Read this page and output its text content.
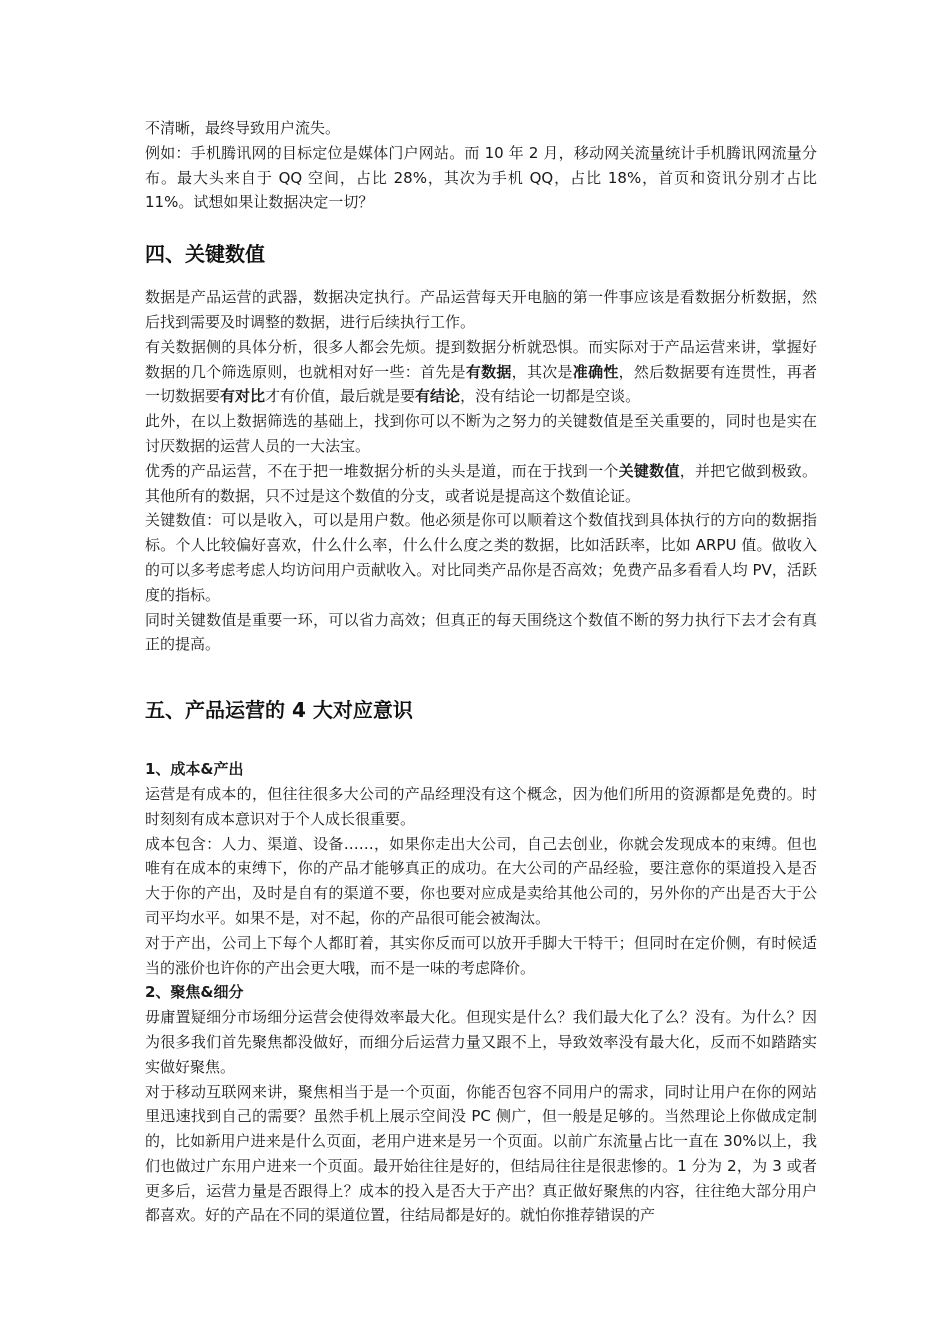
不清晰，最终导致用户流失。

例如：手机腾讯网的目标定位是媒体门户网站。而 10 年 2 月，移动网关流量统计手机腾讯网流量分布。最大头来自于 QQ 空间，占比 28%，其次为手机 QQ，占比 18%，首页和资讯分别才占比 11%。试想如果让数据决定一切？

四、关键数值

数据是产品运营的武器，数据决定执行。产品运营每天开电脑的第一件事应该是看数据分析数据，然后找到需要及时调整的数据，进行后续执行工作。

有关数据侧的具体分析，很多人都会先烦。提到数据分析就恐惧。而实际对于产品运营来讲，掌握好数据的几个筛选原则，也就相对好一些：首先是有数据，其次是准确性，然后数据要有连贯性，再者一切数据要有对比才有价值，最后就是要有结论，没有结论一切都是空谈。

此外，在以上数据筛选的基础上，找到你可以不断为之努力的关键数值是至关重要的，同时也是实在讨厌数据的运营人员的一大法宝。

优秀的产品运营，不在于把一堆数据分析的头头是道，而在于找到一个关键数值，并把它做到极致。其他所有的数据，只不过是这个数值的分支，或者说是提高这个数值论证。

关键数值：可以是收入，可以是用户数。他必须是你可以顺着这个数值找到具体执行的方向的数据指标。个人比较偏好喜欢，什么什么率，什么什么度之类的数据，比如活跃率，比如 ARPU 值。做收入的可以多考虑考虑人均访问用户贡献收入。对比同类产品你是否高效；免费产品多看看人均 PV，活跃度的指标。

同时关键数值是重要一环，可以省力高效；但真正的每天围绕这个数值不断的努力执行下去才会有真正的提高。

五、产品运营的 4 大对应意识
1、成本&产出

运营是有成本的，但往往很多大公司的产品经理没有这个概念，因为他们所用的资源都是免费的。时时刻刻有成本意识对于个人成长很重要。

成本包含：人力、渠道、设备……，如果你走出大公司，自己去创业，你就会发现成本的束缚。但也唯有在成本的束缚下，你的产品才能够真正的成功。在大公司的产品经验，要注意你的渠道投入是否大于你的产出，及时是自有的渠道不要，你也要对应成是卖给其他公司的，另外你的产出是否大于公司平均水平。如果不是，对不起，你的产品很可能会被淘汰。

对于产出，公司上下每个人都盯着，其实你反而可以放开手脚大干特干；但同时在定价侧，有时候适当的涨价也许你的产出会更大哦，而不是一味的考虑降价。

2、聚焦&细分

毋庸置疑细分市场细分运营会使得效率最大化。但现实是什么？我们最大化了么？没有。为什么？因为很多我们首先聚焦都没做好，而细分后运营力量又跟不上，导致效率没有最大化，反而不如踏踏实实做好聚焦。

对于移动互联网来讲，聚焦相当于是一个页面，你能否包容不同用户的需求，同时让用户在你的网站里迅速找到自己的需要？虽然手机上展示空间没 PC 侧广，但一般是足够的。当然理论上你做成定制的，比如新用户进来是什么页面，老用户进来是另一个页面。以前广东流量占比一直在 30%以上，我们也做过广东用户进来一个页面。最开始往往是好的，但结局往往是很悲惨的。1 分为 2，为 3 或者更多后，运营力量是否跟得上？成本的投入是否大于产出？真正做好聚焦的内容，往往绝大部分用户都喜欢。好的产品在不同的渠道位置，往结局都是好的。就怕你推荐错误的产
